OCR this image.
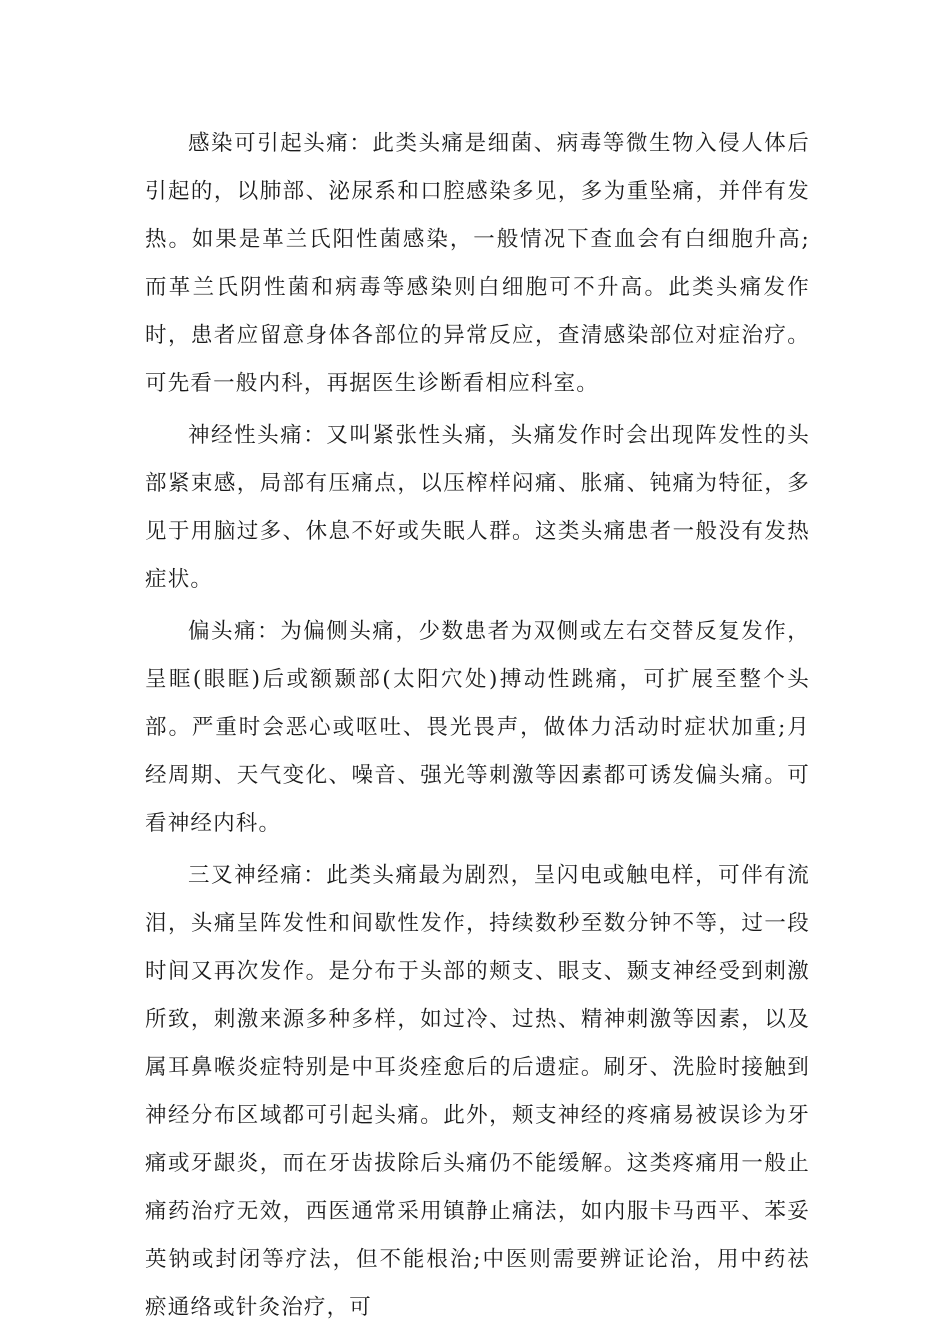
感染可引起头痛：此类头痛是细菌、病毒等微生物入侵人体后引起的，以肺部、泌尿系和口腔感染多见，多为重坠痛，并伴有发热。如果是革兰氏阳性菌感染，一般情况下查血会有白细胞升高;而革兰氏阴性菌和病毒等感染则白细胞可不升高。此类头痛发作时，患者应留意身体各部位的异常反应，查清感染部位对症治疗。可先看一般内科，再据医生诊断看相应科室。

神经性头痛：又叫紧张性头痛，头痛发作时会出现阵发性的头部紧束感，局部有压痛点，以压榨样闷痛、胀痛、钝痛为特征，多见于用脑过多、休息不好或失眠人群。这类头痛患者一般没有发热症状。

偏头痛：为偏侧头痛，少数患者为双侧或左右交替反复发作，呈眶(眼眶)后或额颞部(太阳穴处)搏动性跳痛，可扩展至整个头部。严重时会恶心或呕吐、畏光畏声，做体力活动时症状加重;月经周期、天气变化、噪音、强光等刺激等因素都可诱发偏头痛。可看神经内科。

三叉神经痛：此类头痛最为剧烈，呈闪电或触电样，可伴有流泪，头痛呈阵发性和间歇性发作，持续数秒至数分钟不等，过一段时间又再次发作。是分布于头部的颊支、眼支、颞支神经受到刺激所致，刺激来源多种多样，如过冷、过热、精神刺激等因素，以及属耳鼻喉炎症特别是中耳炎痊愈后的后遗症。刷牙、洗脸时接触到神经分布区域都可引起头痛。此外，颊支神经的疼痛易被误诊为牙痛或牙龈炎，而在牙齿拔除后头痛仍不能缓解。这类疼痛用一般止痛药治疗无效，西医通常采用镇静止痛法，如内服卡马西平、苯妥英钠或封闭等疗法，但不能根治;中医则需要辨证论治，用中药祛瘀通络或针灸治疗，可
